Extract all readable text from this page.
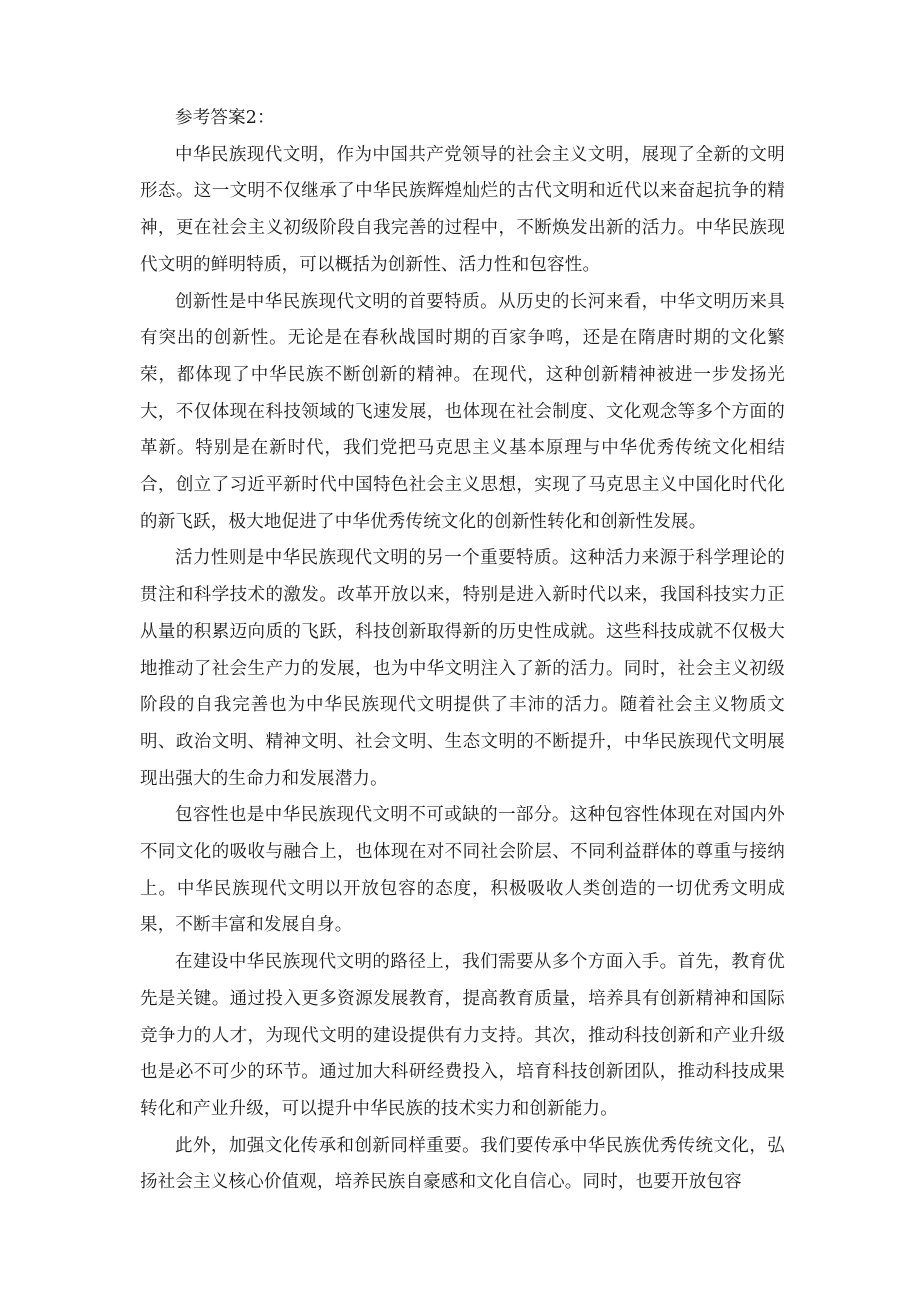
参考答案2：

中华民族现代文明，作为中国共产党领导的社会主义文明，展现了全新的文明形态。这一文明不仅继承了中华民族辉煌灿烂的古代文明和近代以来奋起抗争的精神，更在社会主义初级阶段自我完善的过程中，不断焕发出新的活力。中华民族现代文明的鲜明特质，可以概括为创新性、活力性和包容性。

创新性是中华民族现代文明的首要特质。从历史的长河来看，中华文明历来具有突出的创新性。无论是在春秋战国时期的百家争鸣，还是在隋唐时期的文化繁荣，都体现了中华民族不断创新的精神。在现代，这种创新精神被进一步发扬光大，不仅体现在科技领域的飞速发展，也体现在社会制度、文化观念等多个方面的革新。特别是在新时代，我们党把马克思主义基本原理与中华优秀传统文化相结合，创立了习近平新时代中国特色社会主义思想，实现了马克思主义中国化时代化的新飞跃，极大地促进了中华优秀传统文化的创新性转化和创新性发展。

活力性则是中华民族现代文明的另一个重要特质。这种活力来源于科学理论的贯注和科学技术的激发。改革开放以来，特别是进入新时代以来，我国科技实力正从量的积累迈向质的飞跃，科技创新取得新的历史性成就。这些科技成就不仅极大地推动了社会生产力的发展，也为中华文明注入了新的活力。同时，社会主义初级阶段的自我完善也为中华民族现代文明提供了丰沛的活力。随着社会主义物质文明、政治文明、精神文明、社会文明、生态文明的不断提升，中华民族现代文明展现出强大的生命力和发展潜力。

包容性也是中华民族现代文明不可或缺的一部分。这种包容性体现在对国内外不同文化的吸收与融合上，也体现在对不同社会阶层、不同利益群体的尊重与接纳上。中华民族现代文明以开放包容的态度，积极吸收人类创造的一切优秀文明成果，不断丰富和发展自身。

在建设中华民族现代文明的路径上，我们需要从多个方面入手。首先，教育优先是关键。通过投入更多资源发展教育，提高教育质量，培养具有创新精神和国际竞争力的人才，为现代文明的建设提供有力支持。其次，推动科技创新和产业升级也是必不可少的环节。通过加大科研经费投入，培育科技创新团队，推动科技成果转化和产业升级，可以提升中华民族的技术实力和创新能力。

此外，加强文化传承和创新同样重要。我们要传承中华民族优秀传统文化，弘扬社会主义核心价值观，培养民族自豪感和文化自信心。同时，也要开放包容
